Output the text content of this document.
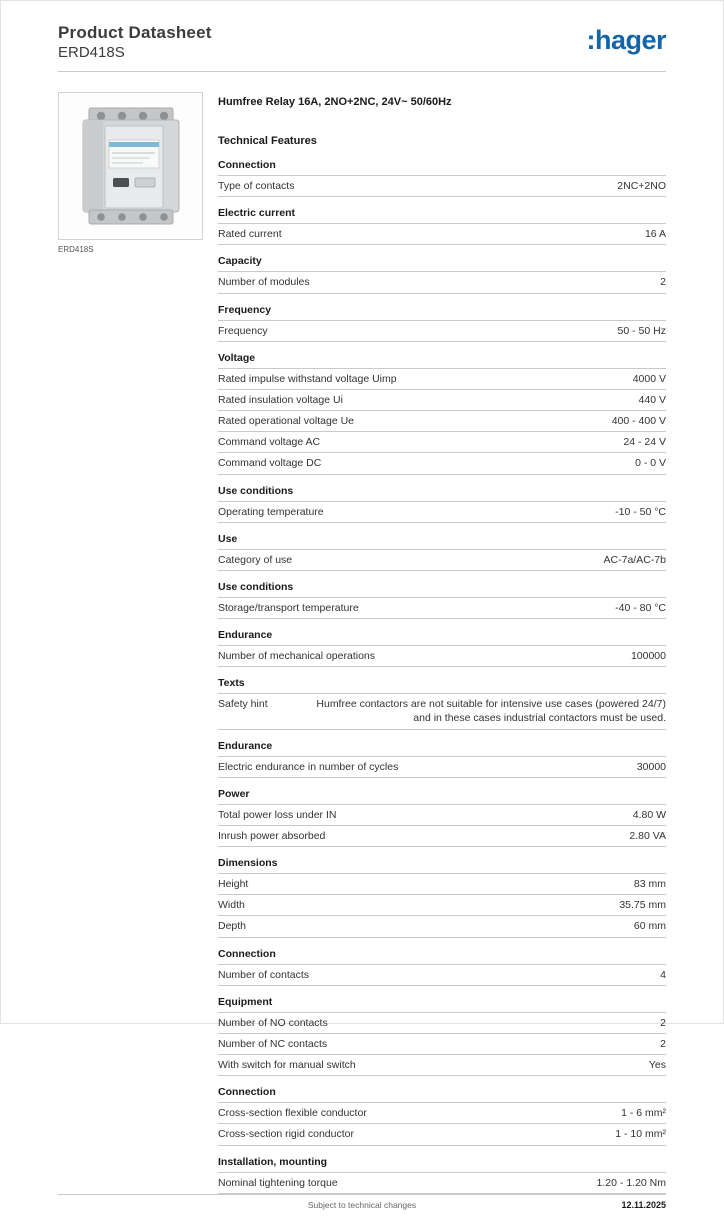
Product Datasheet
ERD418S	:hager
ERD418S
Humfree Relay 16A, 2NO+2NC, 24V~ 50/60Hz
Technical Features
Connection
Type of contacts	2NC+2NO
Electric current
Rated current	16 A
Capacity
Number of modules	2
Frequency
Frequency	50 - 50 Hz
Voltage
Rated impulse withstand voltage Uimp	4000 V
Rated insulation voltage Ui	440 V
Rated operational voltage Ue	400 - 400 V
Command voltage AC	24 - 24 V
Command voltage DC	0 - 0 V
Use conditions
Operating temperature	-10 - 50 °C
Use
Category of use	AC-7a/AC-7b
Use conditions
Storage/transport temperature	-40 - 80 °C
Endurance
Number of mechanical operations	100000
Texts
Safety hint	Humfree contactors are not suitable for intensive use cases (powered 24/7) and in these cases industrial contactors must be used.
Endurance
Electric endurance in number of cycles	30000
Power
Total power loss under IN	4.80 W
Inrush power absorbed	2.80 VA
Dimensions
Height	83 mm
Width	35.75 mm
Depth	60 mm
Connection
Number of contacts	4
Equipment
Number of NO contacts	2
Number of NC contacts	2
With switch for manual switch	Yes
Connection
Cross-section flexible conductor	1 - 6 mm²
Cross-section rigid conductor	1 - 10 mm²
Installation, mounting
Nominal tightening torque	1.20 - 1.20 Nm
Subject to technical changes	12.11.2025
